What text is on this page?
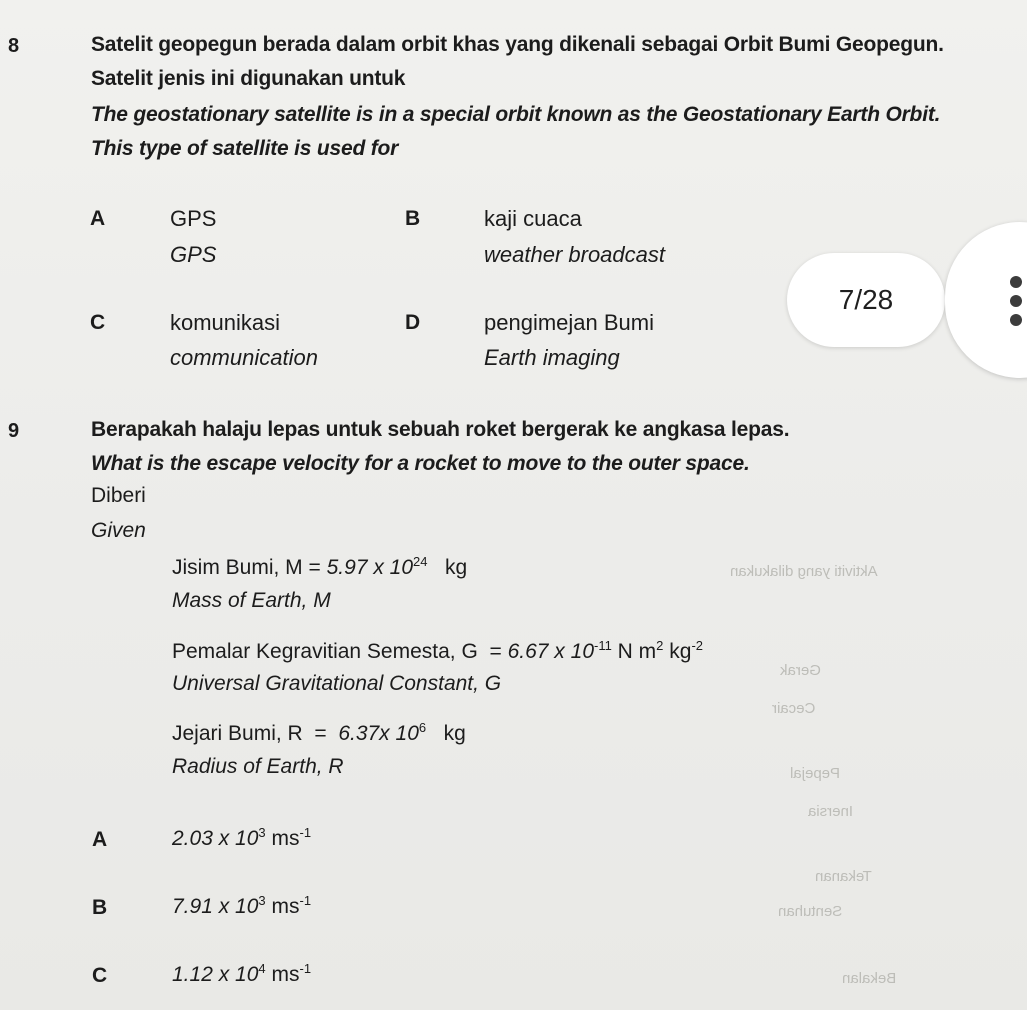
Aktiviti yang dilakukan
Gerak
Cecair
Pepejal
Inersia
Tekanan
Sentuhan
Bekalan
8	Satelit geopegun berada dalam orbit khas yang dikenali sebagai Orbit Bumi Geopegun.
Satelit jenis ini digunakan untuk
The geostationary satellite is in a special orbit known as the Geostationary Earth Orbit.
This type of satellite is used for
A	GPS
GPS
B	kaji cuaca
weather broadcast
C	komunikasi
communication
D	pengimejan Bumi
Earth imaging
9	Berapakah halaju lepas untuk sebuah roket bergerak ke angkasa lepas.
What is the escape velocity for a rocket to move to the outer space.
Diberi
Given
Jisim Bumi, M = 5.97 x $10^{24}$ kg
Mass of Earth, M
Pemalar Kegravitian Semesta, G = 6.67 x $10^{-11}$ N $m^2$ $kg^{-2}$
Universal Gravitational Constant, G
Jejari Bumi, R = 6.37x $10^6$ kg
Radius of Earth, R
A	2.03 x $10^3$ $ms^{-1}$
B	7.91 x $10^3$ $ms^{-1}$
C	1.12 x $10^4$ $ms^{-1}$
7/28
